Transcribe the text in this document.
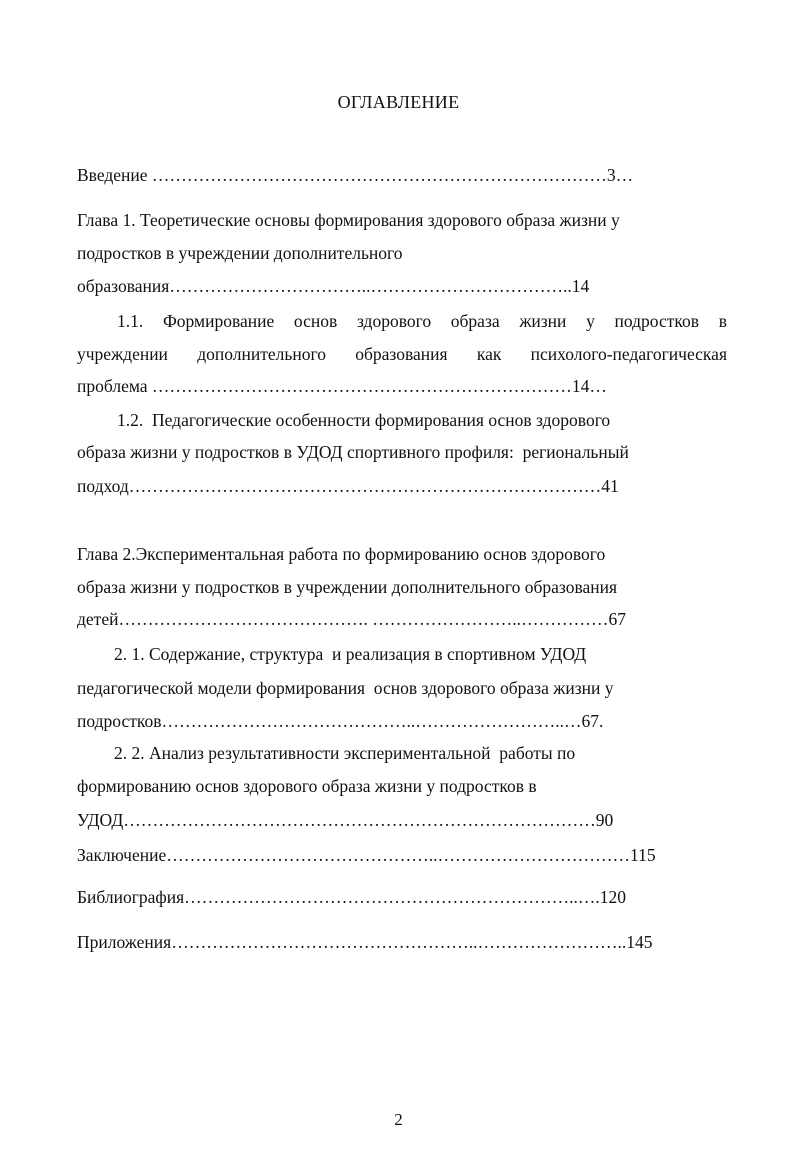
ОГЛАВЛЕНИЕ
Введение ……………………………………………………………………3…
Глава 1. Теоретические основы формирования здорового образа жизни у
подростков в учреждении дополнительного
образования……………………………..……………………………..14
1.1. Формирование основ здорового образа жизни у подростков в
учреждении дополнительного образования как психолого-педагогическая
проблема ………………………………………………………………14…
1.2.  Педагогические особенности формирования основ здорового
образа жизни у подростков в УДОД спортивного профиля:  региональный
подход………………………………………………………………………41
Глава 2.Экспериментальная работа по формированию основ здорового
образа жизни у подростков в учреждении дополнительного образования
детей……………………………………. ……………………..……………67
2. 1. Содержание, структура  и реализация в спортивном УДОД
педагогической модели формирования  основ здорового образа жизни у
подростков……………………………………..……………………..…67.
2. 2. Анализ результативности экспериментальной  работы по
формированию основ здорового образа жизни у подростков в
УДОД………………………………………………………………………90
Заключение………………………………………..……………………………115
Библиография…………………………………………………………..….120
Приложения……………………………………………..……………………..145
2
